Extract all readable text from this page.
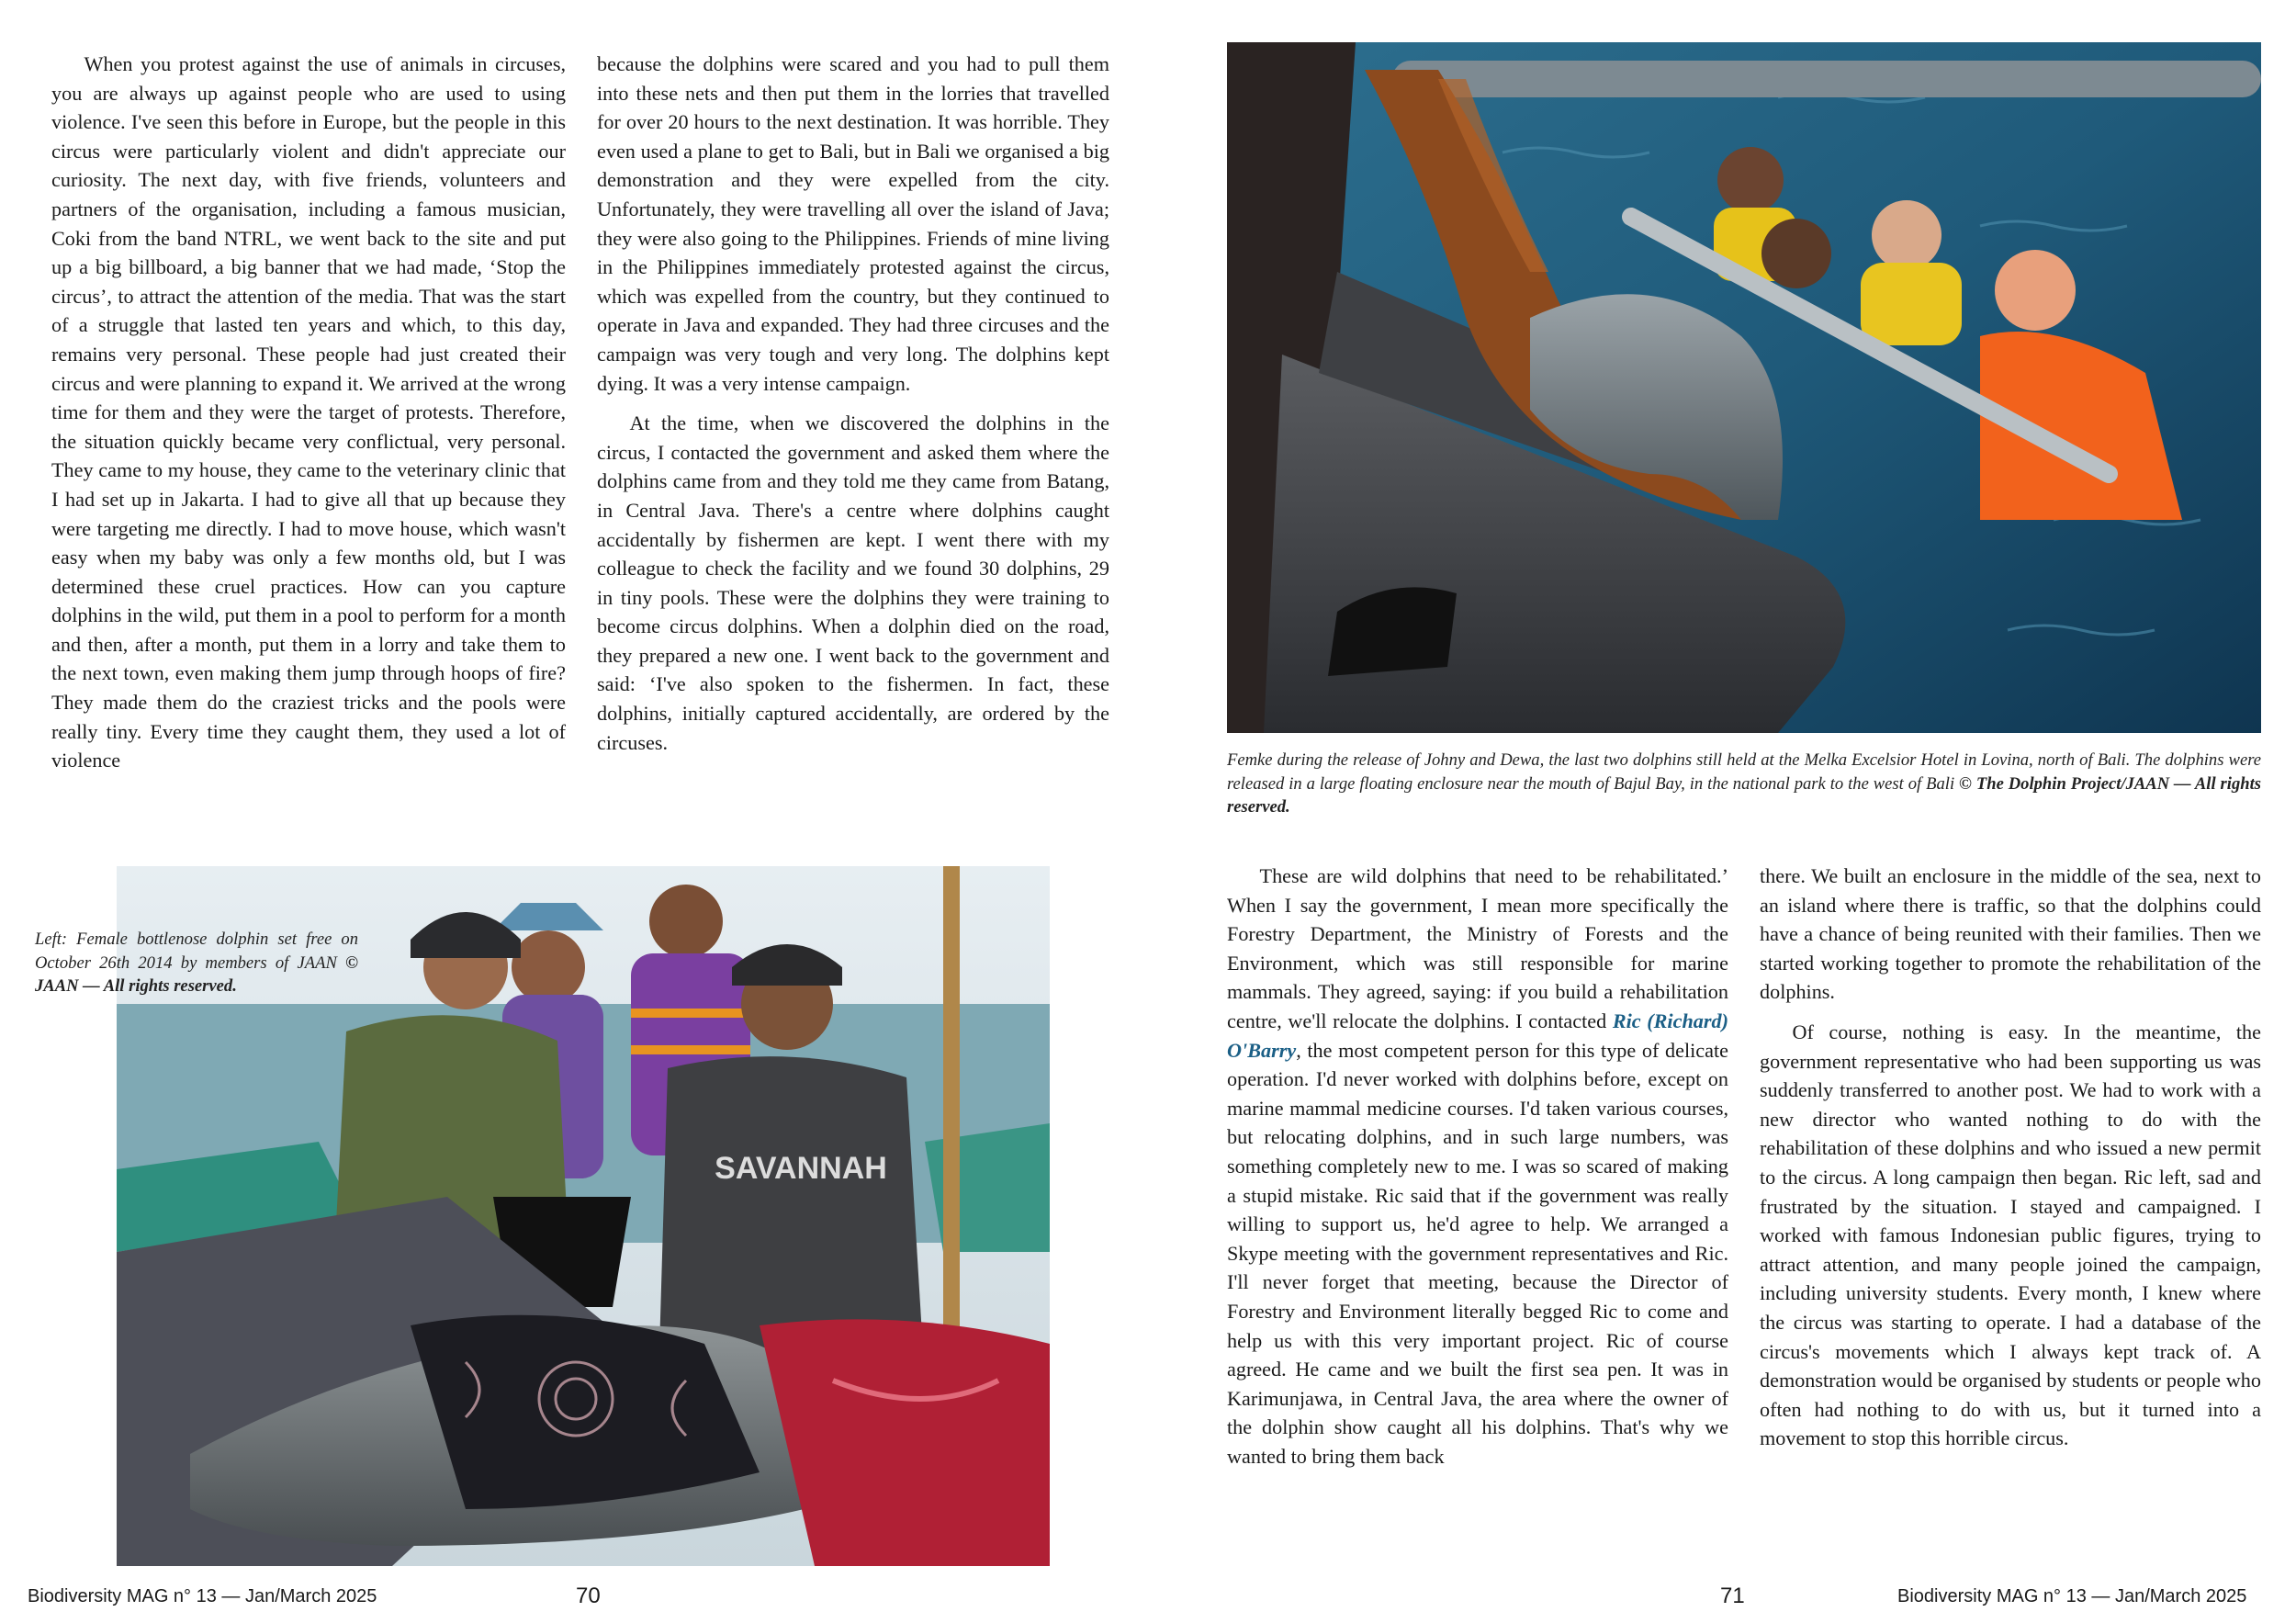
When you protest against the use of animals in circuses, you are always up against people who are used to using violence. I've seen this before in Europe, but the people in this circus were particularly violent and didn't appreciate our curiosity. The next day, with five friends, volunteers and partners of the organisation, including a famous musician, Coki from the band NTRL, we went back to the site and put up a big billboard, a big banner that we had made, ‘Stop the circus’, to attract the attention of the media. That was the start of a struggle that lasted ten years and which, to this day, remains very personal. These people had just created their circus and were planning to expand it. We arrived at the wrong time for them and they were the target of protests. Therefore, the situation quickly became very conflictual, very personal. They came to my house, they came to the veterinary clinic that I had set up in Jakarta. I had to give all that up because they were targeting me directly. I had to move house, which wasn't easy when my baby was only a few months old, but I was determined these cruel practices. How can you capture dolphins in the wild, put them in a pool to perform for a month and then, after a month, put them in a lorry and take them to the next town, even making them jump through hoops of fire? They made them do the craziest tricks and the pools were really tiny. Every time they caught them, they used a lot of violence

because the dolphins were scared and you had to pull them into these nets and then put them in the lorries that travelled for over 20 hours to the next destination. It was horrible. They even used a plane to get to Bali, but in Bali we organised a big demonstration and they were expelled from the city. Unfortunately, they were travelling all over the island of Java; they were also going to the Philippines. Friends of mine living in the Philippines immediately protested against the circus, which was expelled from the country, but they continued to operate in Java and expanded. They had three circuses and the campaign was very tough and very long. The dolphins kept dying. It was a very intense campaign.

At the time, when we discovered the dolphins in the circus, I contacted the government and asked them where the dolphins came from and they told me they came from Batang, in Central Java. There's a centre where dolphins caught accidentally by fishermen are kept. I went there with my colleague to check the facility and we found 30 dolphins, 29 in tiny pools. These were the dolphins they were training to become circus dolphins. When a dolphin died on the road, they prepared a new one. I went back to the government and said: ‘I've also spoken to the fishermen. In fact, these dolphins, initially captured accidentally, are ordered by the circuses.

Femke during the release of Johny and Dewa, the last two dolphins still held at the Melka Excelsior Hotel in Lovina, north of Bali. The dolphins were released in a large floating enclosure near the mouth of Bajul Bay, in the national park to the west of Bali © The Dolphin Project/JAAN — All rights reserved.
SAVANNAH
Left: Female bottlenose dolphin set free on October 26th 2014 by members of JAAN © JAAN — All rights reserved.

These are wild dolphins that need to be rehabilitated.’ When I say the government, I mean more specifically the Forestry Department, the Ministry of Forests and the Environment, which was still responsible for marine mammals. They agreed, saying: if you build a rehabilitation centre, we'll relocate the dolphins. I contacted Ric (Richard) O'Barry, the most competent person for this type of delicate operation. I'd never worked with dolphins before, except on marine mammal medicine courses. I'd taken various courses, but relocating dolphins, and in such large numbers, was something completely new to me. I was so scared of making a stupid mistake. Ric said that if the government was really willing to support us, he'd agree to help. We arranged a Skype meeting with the government representatives and Ric. I'll never forget that meeting, because the Director of Forestry and Environment literally begged Ric to come and help us with this very important project. Ric of course agreed. He came and we built the first sea pen. It was in Karimunjawa, in Central Java, the area where the owner of the dolphin show caught all his dolphins. That's why we wanted to bring them back

there. We built an enclosure in the middle of the sea, next to an island where there is traffic, so that the dolphins could have a chance of being reunited with their families. Then we started working together to promote the rehabilitation of the dolphins.

Of course, nothing is easy. In the meantime, the government representative who had been supporting us was suddenly transferred to another post. We had to work with a new director who wanted nothing to do with the rehabilitation of these dolphins and who issued a new permit to the circus. A long campaign then began. Ric left, sad and frustrated by the situation. I stayed and campaigned. I worked with famous Indonesian public figures, trying to attract attention, and many people joined the campaign, including university students. Every month, I knew where the circus was starting to operate. I had a database of the circus's movements which I always kept track of. A demonstration would be organised by students or people who often had nothing to do with us, but it turned into a movement to stop this horrible circus.

Biodiversity MAG n° 13 — Jan/March 2025	70	71	Biodiversity MAG n° 13 — Jan/March 2025
